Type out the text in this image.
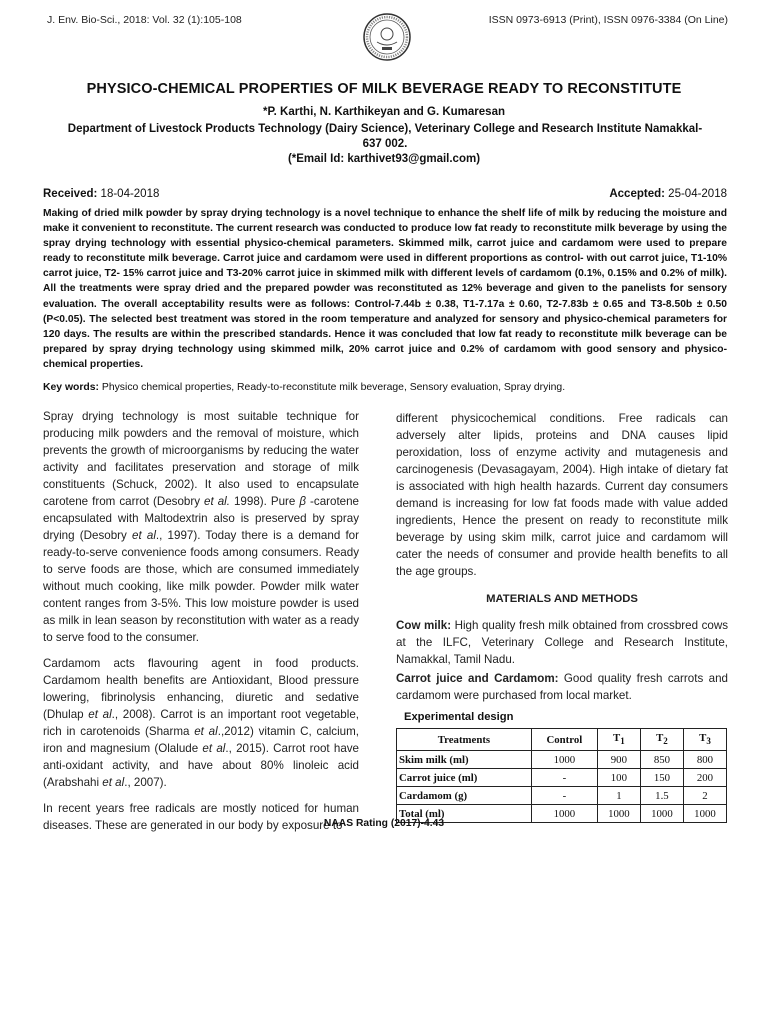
J. Env. Bio-Sci., 2018: Vol. 32 (1):105-108	ISSN 0973-6913 (Print), ISSN 0976-3384 (On Line)
PHYSICO-CHEMICAL PROPERTIES OF MILK BEVERAGE READY TO RECONSTITUTE
*P. Karthi, N. Karthikeyan and G. Kumaresan
Department of Livestock Products Technology (Dairy Science), Veterinary College and Research Institute Namakkal-637 002.
(*Email Id: karthivet93@gmail.com)
Received: 18-04-2018	Accepted: 25-04-2018
Making of dried milk powder by spray drying technology is a novel technique to enhance the shelf life of milk by reducing the moisture and make it convenient to reconstitute. The current research was conducted to produce low fat ready to reconstitute milk beverage by using the spray drying technology with essential physico-chemical parameters. Skimmed milk, carrot juice and cardamom were used to prepare ready to reconstitute milk beverage. Carrot juice and cardamom were used in different proportions as control- with out carrot juice, T1-10% carrot juice, T2- 15% carrot juice and T3-20% carrot juice in skimmed milk with different levels of cardamom (0.1%, 0.15% and 0.2% of milk). All the treatments were spray dried and the prepared powder was reconstituted as 12% beverage and given to the panelists for sensory evaluation. The overall acceptability results were as follows: Control-7.44b ± 0.38, T1-7.17a ± 0.60, T2-7.83b ± 0.65 and T3-8.50b ± 0.50 (P<0.05). The selected best treatment was stored in the room temperature and analyzed for sensory and physico-chemical parameters for 120 days. The results are within the prescribed standards. Hence it was concluded that low fat ready to reconstitute milk beverage can be prepared by spray drying technology using skimmed milk, 20% carrot juice and 0.2% of cardamom with good sensory and physico-chemical properties.
Key words: Physico chemical properties, Ready-to-reconstitute milk beverage, Sensory evaluation, Spray drying.

Spray drying technology is most suitable technique for producing milk powders and the removal of moisture, which prevents the growth of microorganisms by reducing the water activity and facilitates preservation and storage of milk constituents (Schuck, 2002). It also used to encapsulate carotene from carrot (Desobry et al. 1998). Pure β -carotene encapsulated with Maltodextrin also is preserved by spray drying (Desobry et al., 1997). Today there is a demand for ready-to-serve convenience foods among consumers. Ready to serve foods are those, which are consumed immediately without much cooking, like milk powder. Powder milk water content ranges from 3-5%. This low moisture powder is used as milk in lean season by reconstitution with water as a ready to serve food to the consumer.

Cardamom acts flavouring agent in food products. Cardamom health benefits are Antioxidant, Blood pressure lowering, fibrinolysis enhancing, diuretic and sedative (Dhulap et al., 2008). Carrot is an important root vegetable, rich in carotenoids (Sharma et al.,2012) vitamin C, calcium, iron and magnesium (Olalude et al., 2015). Carrot root have anti-oxidant activity, and have about 80% linoleic acid (Arabshahi et al., 2007).

In recent years free radicals are mostly noticed for human diseases. These are generated in our body by exposure to

different physicochemical conditions. Free radicals can adversely alter lipids, proteins and DNA causes lipid peroxidation, loss of enzyme activity and mutagenesis and carcinogenesis (Devasagayam, 2004). High intake of dietary fat is associated with high health hazards. Current day consumers demand is increasing for low fat foods made with value added ingredients, Hence the present on ready to reconstitute milk beverage by using skim milk, carrot juice and cardamom will cater the needs of consumer and provide health benefits to all the age groups.

MATERIALS AND METHODS

Cow milk: High quality fresh milk obtained from crossbred cows at the ILFC, Veterinary College and Research Institute, Namakkal, Tamil Nadu.

Carrot juice and Cardamom: Good quality fresh carrots and cardamom were purchased from local market.

Experimental design
Treatments	Control	$T_1$	$T_2$	$T_3$
Skim milk (ml)	1000	900	850	800
Carrot juice (ml)	-	100	150	200
Cardamom (g)	-	1	1.5	2
Total (ml)	1000	1000	1000	1000
NAAS Rating (2017)-4.43
